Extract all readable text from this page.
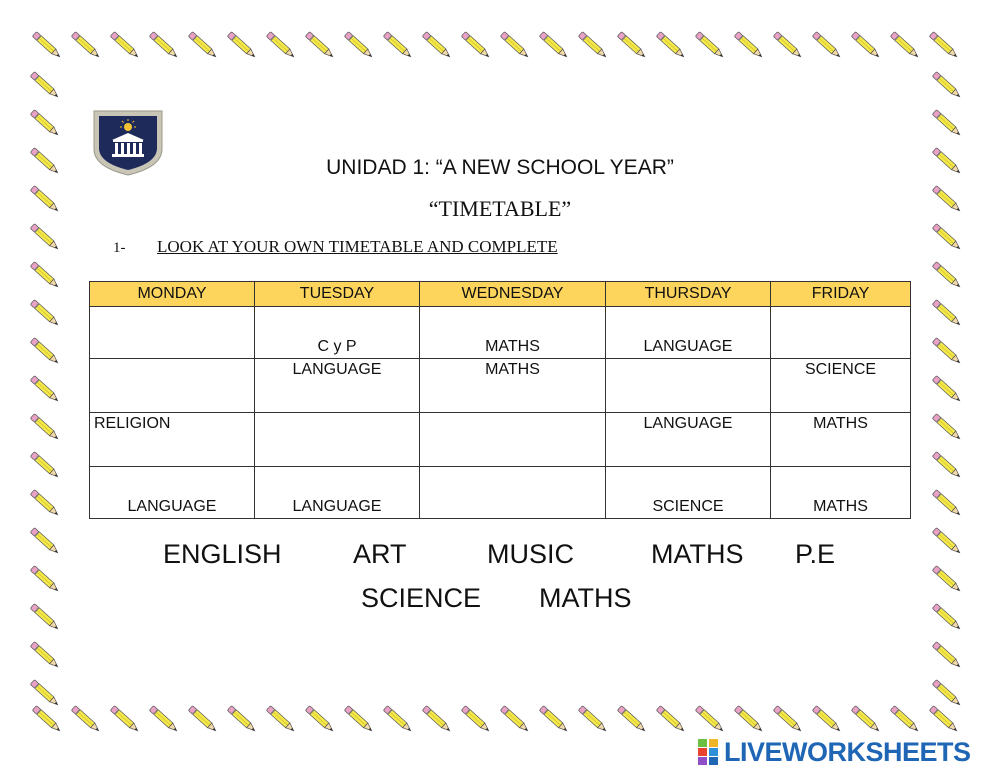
UNIDAD 1: “A NEW SCHOOL YEAR”
“TIMETABLE”
1- LOOK AT YOUR OWN TIMETABLE AND COMPLETE
MONDAY	TUESDAY	WEDNESDAY	THURSDAY	FRIDAY
	C y P	MATHS	LANGUAGE	
	LANGUAGE	MATHS		SCIENCE
RELIGION			LANGUAGE	MATHS
LANGUAGE	LANGUAGE		SCIENCE	MATHS
ENGLISH	ART	MUSIC	MATHS P.E
SCIENCE MATHS
LIVEWORKSHEETS
